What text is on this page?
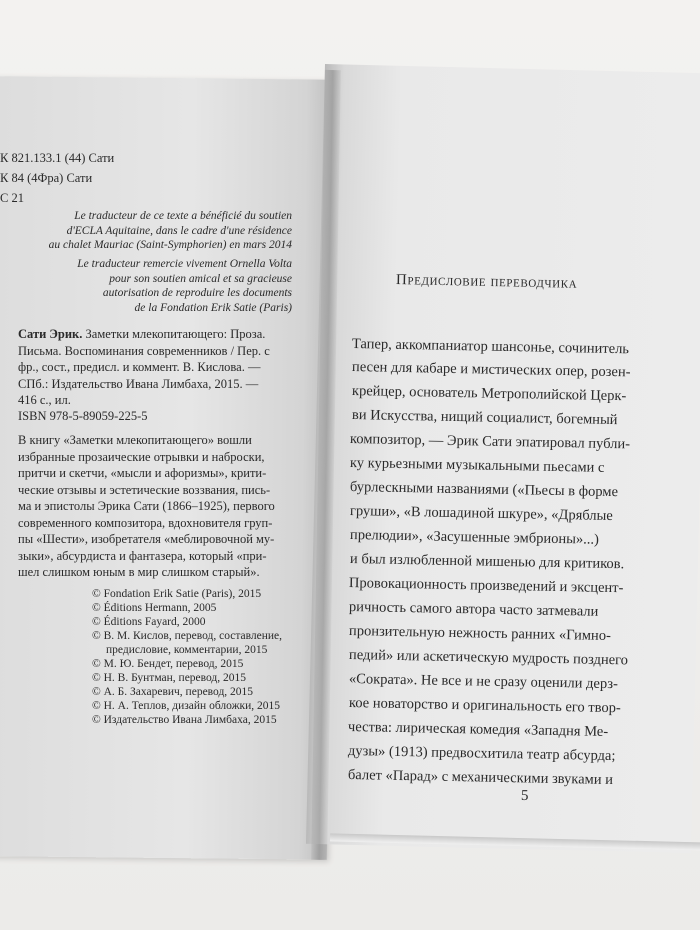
К 821.133.1 (44) Сати
К 84 (4Фра) Сати
С 21
Le traducteur de ce texte a bénéficié du soutien
d'ECLA Aquitaine, dans le cadre d'une résidence
au chalet Mauriac (Saint-Symphorien) en mars 2014
Le traducteur remercie vivement Ornella Volta
pour son soutien amical et sa gracieuse
autorisation de reproduire les documents
de la Fondation Erik Satie (Paris)
Сати Эрик. Заметки млекопитающего: Проза.
Письма. Воспоминания современников / Пер. с
фр., сост., предисл. и коммент. В. Кислова. —
СПб.: Издательство Ивана Лимбаха, 2015. —
416 с., ил.
ISBN 978-5-89059-225-5
В книгу «Заметки млекопитающего» вошли
избранные прозаические отрывки и наброски,
притчи и скетчи, «мысли и афоризмы», крити-
ческие отзывы и эстетические воззвания, пись-
ма и эпистолы Эрика Сати (1866–1925), первого
современного композитора, вдохновителя груп-
пы «Шести», изобретателя «меблировочной му-
зыки», абсурдиста и фантазера, который «при-
шел слишком юным в мир слишком старый».
© Fondation Erik Satie (Paris), 2015
© Éditions Hermann, 2005
© Éditions Fayard, 2000
© В. М. Кислов, перевод, составление,
предисловие, комментарии, 2015
© М. Ю. Бендет, перевод, 2015
© Н. В. Бунтман, перевод, 2015
© А. Б. Захаревич, перевод, 2015
© Н. А. Теплов, дизайн обложки, 2015
© Издательство Ивана Лимбаха, 2015
Предисловие переводчика
Тапер, аккомпаниатор шансонье, сочинитель
песен для кабаре и мистических опер, розен-
крейцер, основатель Метрополийской Церк-
ви Искусства, нищий социалист, богемный
композитор, — Эрик Сати эпатировал публи-
ку курьезными музыкальными пьесами с
бурлескными названиями («Пьесы в форме
груши», «В лошадиной шкуре», «Дряблые
прелюдии», «Засушенные эмбрионы»...)
и был излюбленной мишенью для критиков.
Провокационность произведений и эксцент-
ричность самого автора часто затмевали
пронзительную нежность ранних «Гимно-
педий» или аскетическую мудрость позднего
«Сократа». Не все и не сразу оценили дерз-
кое новаторство и оригинальность его твор-
чества: лирическая комедия «Западня Ме-
дузы» (1913) предвосхитила театр абсурда;
балет «Парад» с механическими звуками и
5
